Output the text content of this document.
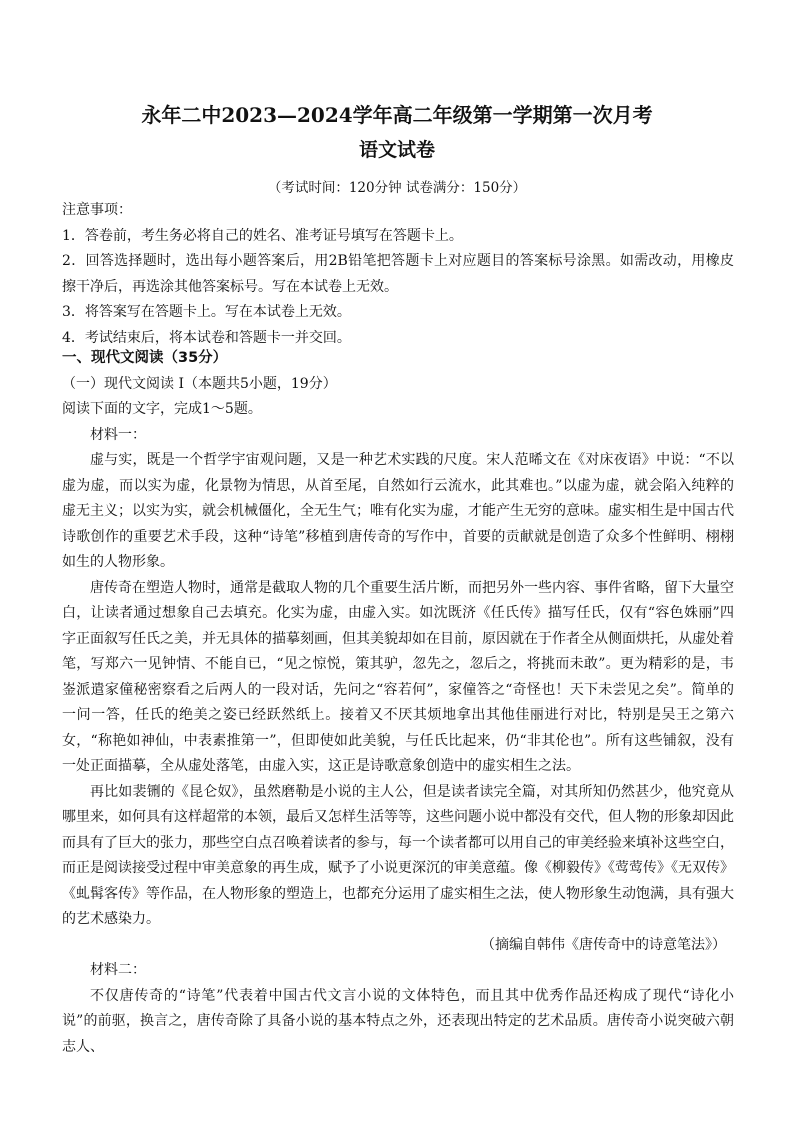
永年二中2023—2024学年高二年级第一学期第一次月考
语文试卷
（考试时间：120分钟 试卷满分：150分）

注意事项：

1．答卷前，考生务必将自己的姓名、准考证号填写在答题卡上。

2．回答选择题时，选出每小题答案后，用2B铅笔把答题卡上对应题目的答案标号涂黑。如需改动，用橡皮擦干净后，再选涂其他答案标号。写在本试卷上无效。

3．将答案写在答题卡上。写在本试卷上无效。

4．考试结束后，将本试卷和答题卡一并交回。

一、现代文阅读（35分）

（一）现代文阅读 I（本题共5小题，19分）

阅读下面的文字，完成1～5题。

材料一：

虚与实，既是一个哲学宇宙观问题，又是一种艺术实践的尺度。宋人范晞文在《对床夜语》中说：“不以虚为虚，而以实为虚，化景物为情思，从首至尾，自然如行云流水，此其难也。”以虚为虚，就会陷入纯粹的虚无主义；以实为实，就会机械僵化，全无生气；唯有化实为虚，才能产生无穷的意味。虚实相生是中国古代诗歌创作的重要艺术手段，这种“诗笔”移植到唐传奇的写作中，首要的贡献就是创造了众多个性鲜明、栩栩如生的人物形象。

唐传奇在塑造人物时，通常是截取人物的几个重要生活片断，而把另外一些内容、事件省略，留下大量空白，让读者通过想象自己去填充。化实为虚，由虚入实。如沈既济《任氏传》描写任氏，仅有“容色姝丽”四字正面叙写任氏之美，并无具体的描摹刻画，但其美貌却如在目前，原因就在于作者全从侧面烘托，从虚处着笔，写郑六一见钟情、不能自已，“见之惊悦，策其驴，忽先之，忽后之，将挑而未敢”。更为精彩的是，韦崟派遣家僮秘密察看之后两人的一段对话，先问之“容若何”，家僮答之“奇怪也！天下未尝见之矣”。简单的一问一答，任氏的绝美之姿已经跃然纸上。接着又不厌其烦地拿出其他佳丽进行对比，特别是吴王之第六女，“称艳如神仙，中表素推第一”，但即使如此美貌，与任氏比起来，仍“非其伦也”。所有这些铺叙，没有一处正面描摹，全从虚处落笔，由虚入实，这正是诗歌意象创造中的虚实相生之法。

再比如裴铏的《昆仑奴》，虽然磨勒是小说的主人公，但是读者读完全篇，对其所知仍然甚少，他究竟从哪里来，如何具有这样超常的本领，最后又怎样生活等等，这些问题小说中都没有交代，但人物的形象却因此而具有了巨大的张力，那些空白点召唤着读者的参与，每一个读者都可以用自己的审美经验来填补这些空白，而正是阅读接受过程中审美意象的再生成，赋予了小说更深沉的审美意蕴。像《柳毅传》《莺莺传》《无双传》《虬髯客传》等作品，在人物形象的塑造上，也都充分运用了虚实相生之法，使人物形象生动饱满，具有强大的艺术感染力。

（摘编自韩伟《唐传奇中的诗意笔法》）

材料二：

不仅唐传奇的“诗笔”代表着中国古代文言小说的文体特色，而且其中优秀作品还构成了现代“诗化小说”的前驱，换言之，唐传奇除了具备小说的基本特点之外，还表现出特定的艺术品质。唐传奇小说突破六朝志人、
